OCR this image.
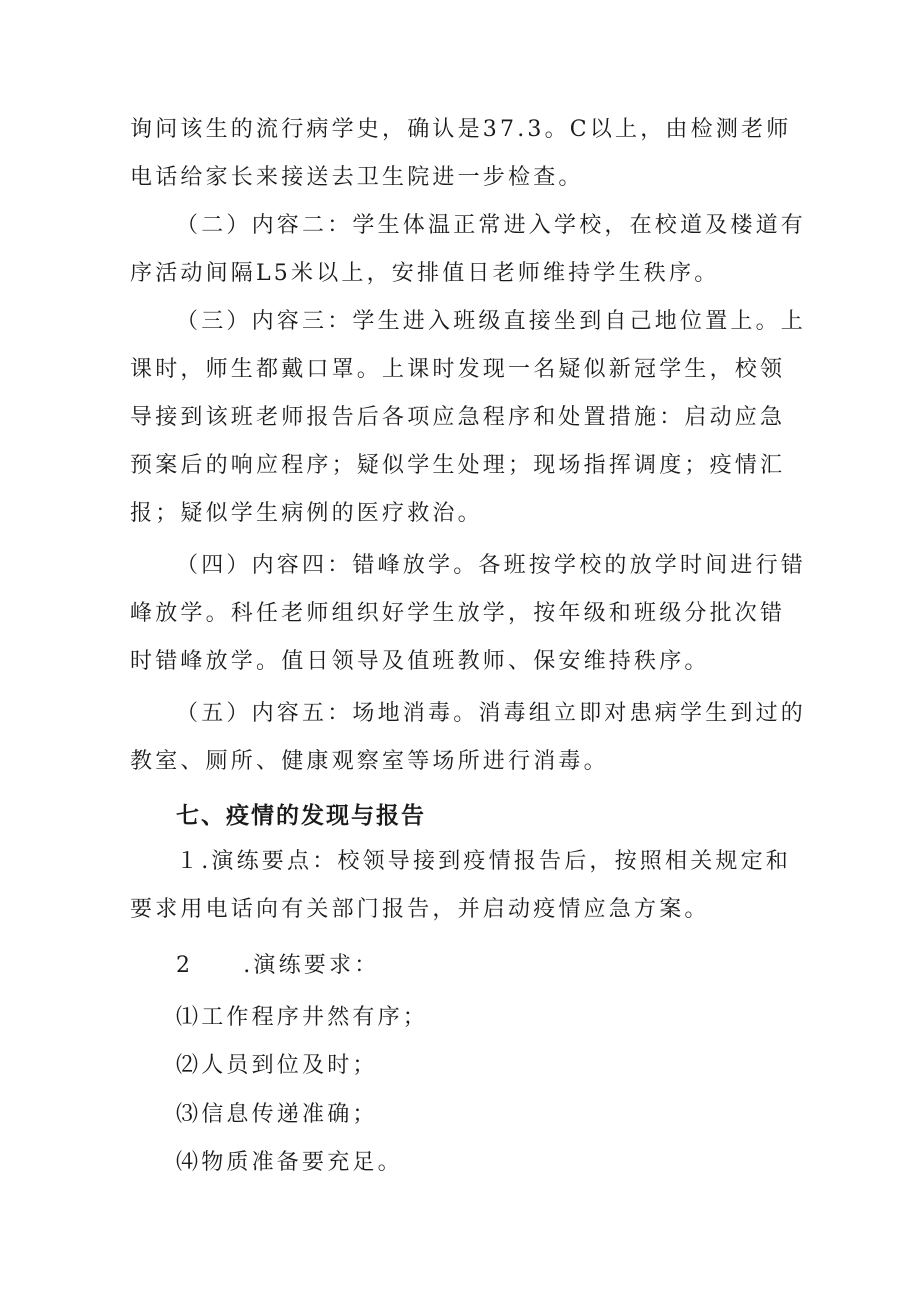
询问该生的流行病学史，确认是37.3。C以上，由检测老师电话给家长来接送去卫生院进一步检查。

（二）内容二：学生体温正常进入学校，在校道及楼道有序活动间隔L5米以上，安排值日老师维持学生秩序。

（三）内容三：学生进入班级直接坐到自己地位置上。上课时，师生都戴口罩。上课时发现一名疑似新冠学生，校领导接到该班老师报告后各项应急程序和处置措施：启动应急预案后的响应程序；疑似学生处理；现场指挥调度；疫情汇报；疑似学生病例的医疗救治。

（四）内容四：错峰放学。各班按学校的放学时间进行错峰放学。科任老师组织好学生放学，按年级和班级分批次错时错峰放学。值日领导及值班教师、保安维持秩序。

（五）内容五：场地消毒。消毒组立即对患病学生到过的教室、厕所、健康观察室等场所进行消毒。

七、疫情的发现与报告

１.演练要点：校领导接到疫情报告后，按照相关规定和要求用电话向有关部门报告，并启动疫情应急方案。

2 .演练要求：
⑴工作程序井然有序；
⑵人员到位及时；
⑶信息传递准确；
⑷物质准备要充足。
